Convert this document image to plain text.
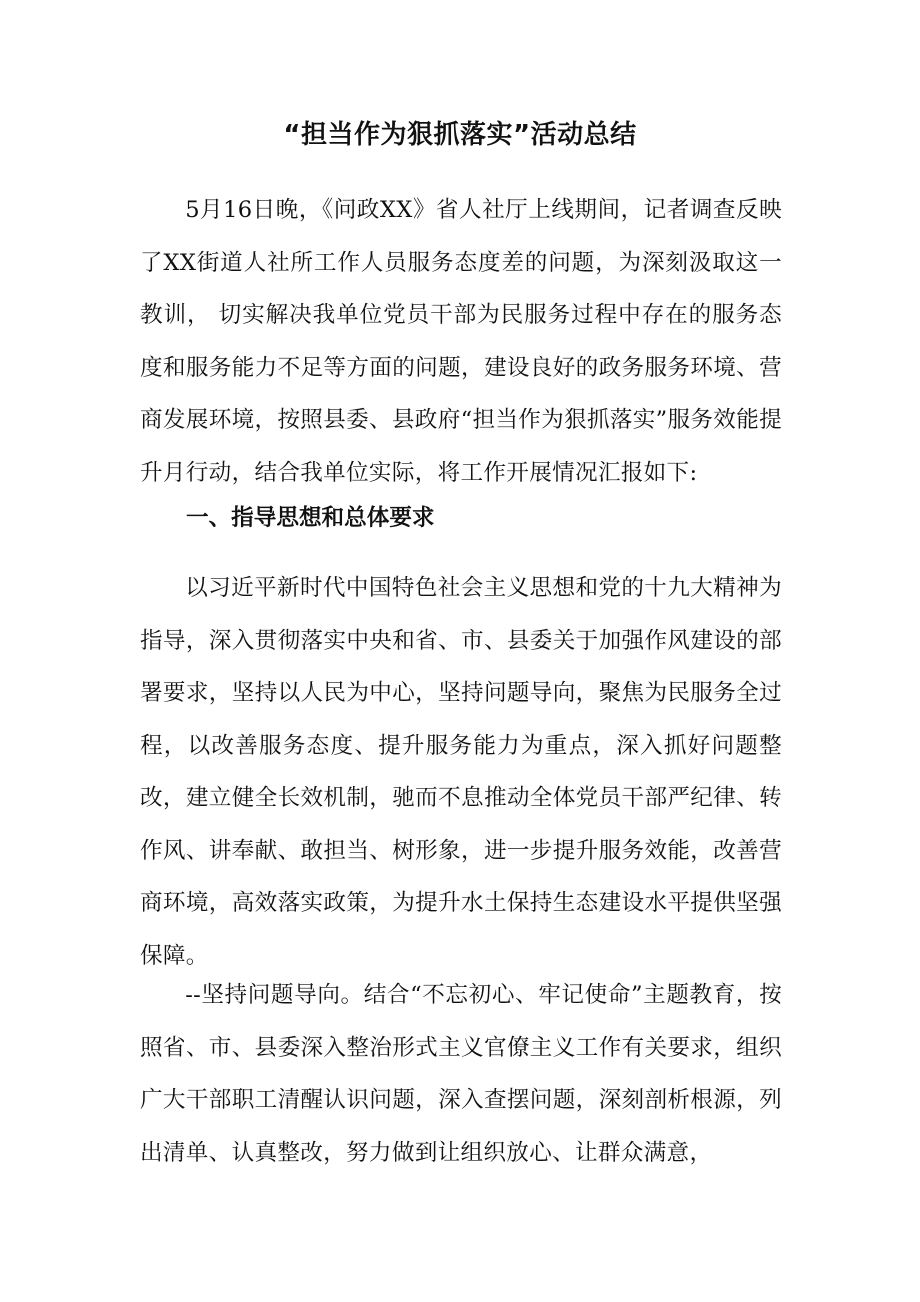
“担当作为狠抓落实”活动总结

5月16日晚，《问政XX》省人社厅上线期间，记者调查反映了XX街道人社所工作人员服务态度差的问题，为深刻汲取这一教训， 切实解决我单位党员干部为民服务过程中存在的服务态度和服务能力不足等方面的问题，建设良好的政务服务环境、营商发展环境，按照县委、县政府“担当作为狠抓落实”服务效能提升月行动，结合我单位实际，将工作开展情况汇报如下:

一、指导思想和总体要求

以习近平新时代中国特色社会主义思想和党的十九大精神为指导，深入贯彻落实中央和省、市、县委关于加强作风建设的部署要求，坚持以人民为中心，坚持问题导向，聚焦为民服务全过程，以改善服务态度、提升服务能力为重点，深入抓好问题整改，建立健全长效机制，驰而不息推动全体党员干部严纪律、转作风、讲奉献、敢担当、树形象，进一步提升服务效能，改善营商环境，高效落实政策，为提升水土保持生态建设水平提供坚强保障。

--坚持问题导向。结合“不忘初心、牢记使命”主题教育，按照省、市、县委深入整治形式主义官僚主义工作有关要求，组织广大干部职工清醒认识问题，深入查摆问题，深刻剖析根源，列出清单、认真整改，努力做到让组织放心、让群众满意，
